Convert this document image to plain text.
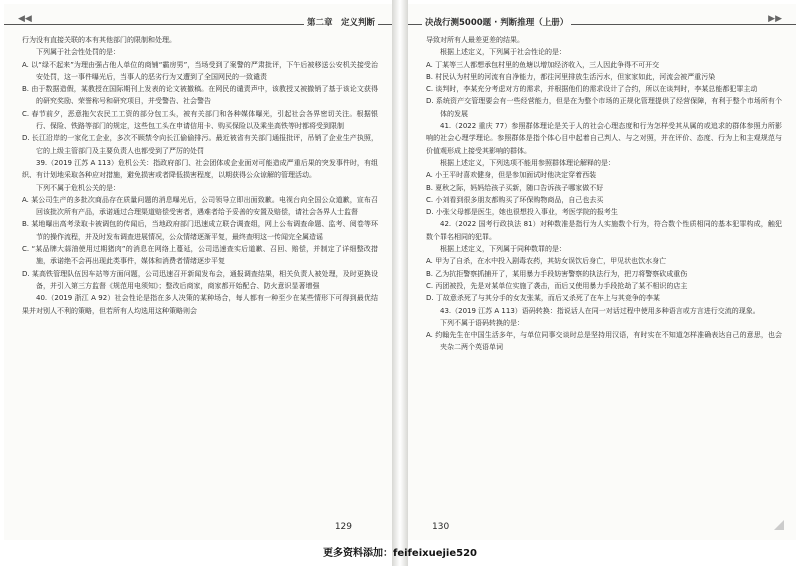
◀◀	第二章　定义判断

行为没有直接关联的本有其他部门的限制和处理。

下列属于社会性处罚的是：

A. 以“绿不起来”为理由强占他人单位的商铺“霸房男”，当场受到了案警的严肃批评，下午后被移送公安机关接受治安处罚，这一事件曝光后，当事人的恶劣行为又遭到了全国网民的一致谴责

B. 由于数据造假，某教授在国际期刊上发表的论文被撤稿。在网民的谴责声中，该教授又被撤销了基于该论文获得的研究奖励、荣誉称号和研究项目，并受警告、社会警告

C. 春节前夕，恶意拖欠农民工工资的部分包工头，被有关部门和各种媒体曝光，引起社会各界密切关注。根据银行、保险、铁路等部门的规定，这些包工头在申请信用卡、购买保险以及乘坐高铁等时都将受到限制

D. 长江沿岸的一家化工企业，多次不顾禁令向长江偷偷排污。最近被省有关部门通报批评，吊销了企业生产执照，它的上级主管部门及主要负责人也都受到了严厉的处罚

39.（2019 江苏 A 113）危机公关：指政府部门、社会团体或企业面对可能造成严重后果的突发事件时，有组织、有计划地采取各种应对措施，避免损害或者降低损害程度，以期获得公众谅解的管理活动。

下列不属于危机公关的是：

A. 某公司生产的多批次商品存在质量问题的消息曝光后，公司领导立即出面致歉。电视台向全国公众道歉，宣布召回该批次所有产品，承诺通过合理渠道赔偿受害者，遇难者给予妥善的安置及赔偿，请社会各界人士监督

B. 某地曝出高考录取卡被调包的传闻后，当地政府部门迅速成立联合调查组，网上公布调查命题、监考、阅卷等环节的操作流程，并及时发布调查进展情况，公众情绪逐渐平复，最终查明这一传闻完全属造谣

C. “某品牌大蒜油使用过期猪肉”的消息在网络上蔓延，公司迅速查实后道歉、召回、赔偿，并制定了详细整改措施，承诺绝不会再出现此类事件，媒体和消费者情绪逐步平复

D. 某高铁管理队伍因车站等方面问题，公司迅速召开新闻发布会，通报调查结果，相关负责人被处理，及时更换设备，并引入第三方监督《规范用电须知》；整改后商家，商家都开始配合、防火意识显著增强

40.（2019 浙江 A 92）社会性论是指在多人决策的某种场合，每人都有一种至少在某些情形下可得到最优结果并对别人不利的策略，但若所有人均选用这种策略则会

129
决战行测5000题 · 判断推理（上册）	▶▶

导致对所有人最差更差的结果。

根据上述定义，下列属于社会性论的是：

A. 丁某等三人都想承包村里的鱼塘以增加经济收入，三人因此争得不可开交

B. 村民认为村里的河流有自净能力，都往河里排放生活污水，但家家如此，河流会被严重污染

C. 谈判时，李某充分考虑对方的需求，并根据他们的需求设计了合约，所以在谈判时，李某总能都犯罪主动

D. 系统资产交管理要会有一些经营能力，但是在为整个市场的正规化管理提供了经营保障，有利于整个市场所有个体的发展

41.（2022 重庆 77）参照群体理论是关于人的社会心理态度和行为怎样受其从属的或追求的群体参照力所影响的社会心理学理论。参照群体是指个体心目中起着自己判人、与之对照，并在评价、态度、行为上和主观规范与价值观形成上接受其影响的群体。

根据上述定义，下列选项不能用参照群体理论解释的是：

A. 小王平时喜欢健身，但是参加面试时他决定穿着西装

B. 夏秋之际，妈妈给孩子买新，随口告诉孩子哪家做不好

C. 小刘看到很多朋友都购买了环保购物商品，自己也去买

D. 小张父母都是医生，她也很想投入事业，考医学院的报考生

42.（2022 国考行政执法 81）对种数准是指行为人实施数个行为，符合数个性质相同的基本犯罪构成，触犯数个罪名相同的犯罪。

根据上述定义，下列属于同种数罪的是：

A. 甲为了自杀，在水中投入剧毒农药，其妨女误饮后身亡，甲见状也饮水身亡

B. 乙为抗拒警察抓捕开了，某用暴力手段妨害警察的执法行为，把刀将警察砍成重伤

C. 丙团被投，先是对某单位实施了袭击，而后又使用暴力手段抢劫了某不相识的店主

D. 丁故意杀死了与其分手的女友张某，而后又杀死了在车上与其竞争的李某

43.（2019 江苏 A 113）语码转换：指说话人在同一对话过程中使用多种语言或方言进行交流的现象。

下列不属于语码转换的是：

A. 约翰先生在中国生活多年，与单位同事交谈时总是坚持用汉语，有时实在不知道怎样准确表达自己的意思，也会夹杂二两个英语单词

130
更多资料添加：feifeixuejie520
